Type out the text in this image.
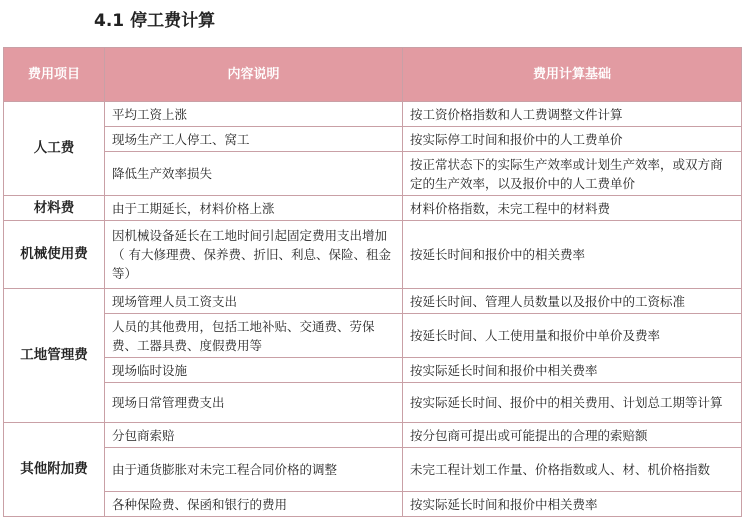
4.1 停工费计算
费用项目	内容说明	费用计算基础
人工费	平均工资上涨	按工资价格指数和人工费调整文件计算
	现场生产工人停工、窝工	按实际停工时间和报价中的人工费单价
	降低生产效率损失	按正常状态下的实际生产效率或计划生产效率，或双方商定的生产效率，以及报价中的人工费单价
材料费	由于工期延长，材料价格上涨	材料价格指数，未完工程中的材料费
机械使用费	因机械设备延长在工地时间引起固定费用支出增加（ 有大修理费、保养费、折旧、利息、保险、租金等）	按延长时间和报价中的相关费率
工地管理费	现场管理人员工资支出	按延长时间、管理人员数量以及报价中的工资标准
	人员的其他费用，包括工地补贴、交通费、劳保费、工器具费、度假费用等	按延长时间、人工使用量和报价中单价及费率
	现场临时设施	按实际延长时间和报价中相关费率
	现场日常管理费支出	按实际延长时间、报价中的相关费用、计划总工期等计算
其他附加费	分包商索赔	按分包商可提出或可能提出的合理的索赔额
	由于通货膨胀对未完工程合同价格的调整	未完工程计划工作量、价格指数或人、材、机价格指数
	各种保险费、保函和银行的费用	按实际延长时间和报价中相关费率
